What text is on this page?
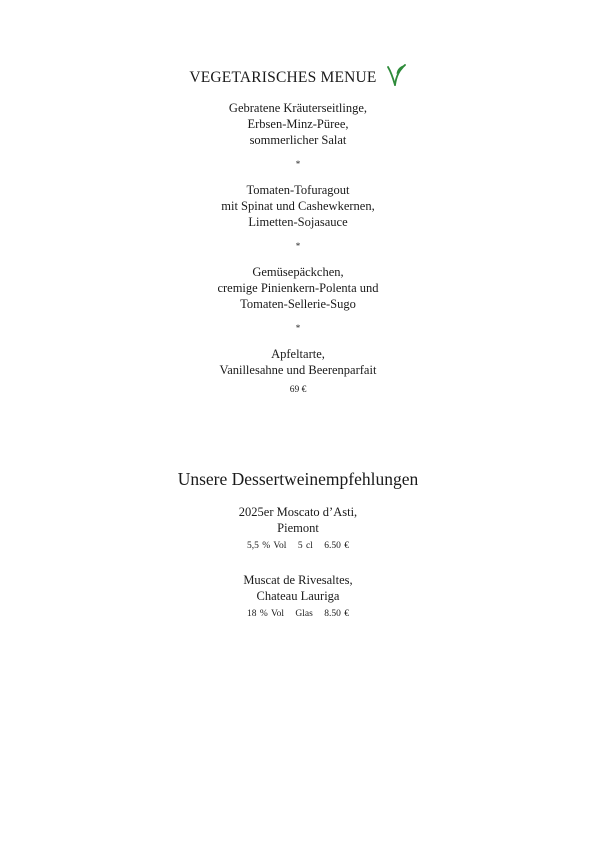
VEGETARISCHES MENUE
Gebratene Kräuterseitlinge,
Erbsen-Minz-Püree,
sommerlicher Salat
*
Tomaten-Tofuragout
mit Spinat und Cashewkernen,
Limetten-Sojasauce
*
Gemüsepäckchen,
cremige Pinienkern-Polenta und
Tomaten-Sellerie-Sugo
*
Apfeltarte,
Vanillesahne und Beerenparfait
69 €
Unsere Dessertweinempfehlungen
2025er Moscato d’Asti,
Piemont
5,5 % Vol 5 cl 6.50 €
Muscat de Rivesaltes,
Chateau Lauriga
18 % Vol Glas 8.50 €
